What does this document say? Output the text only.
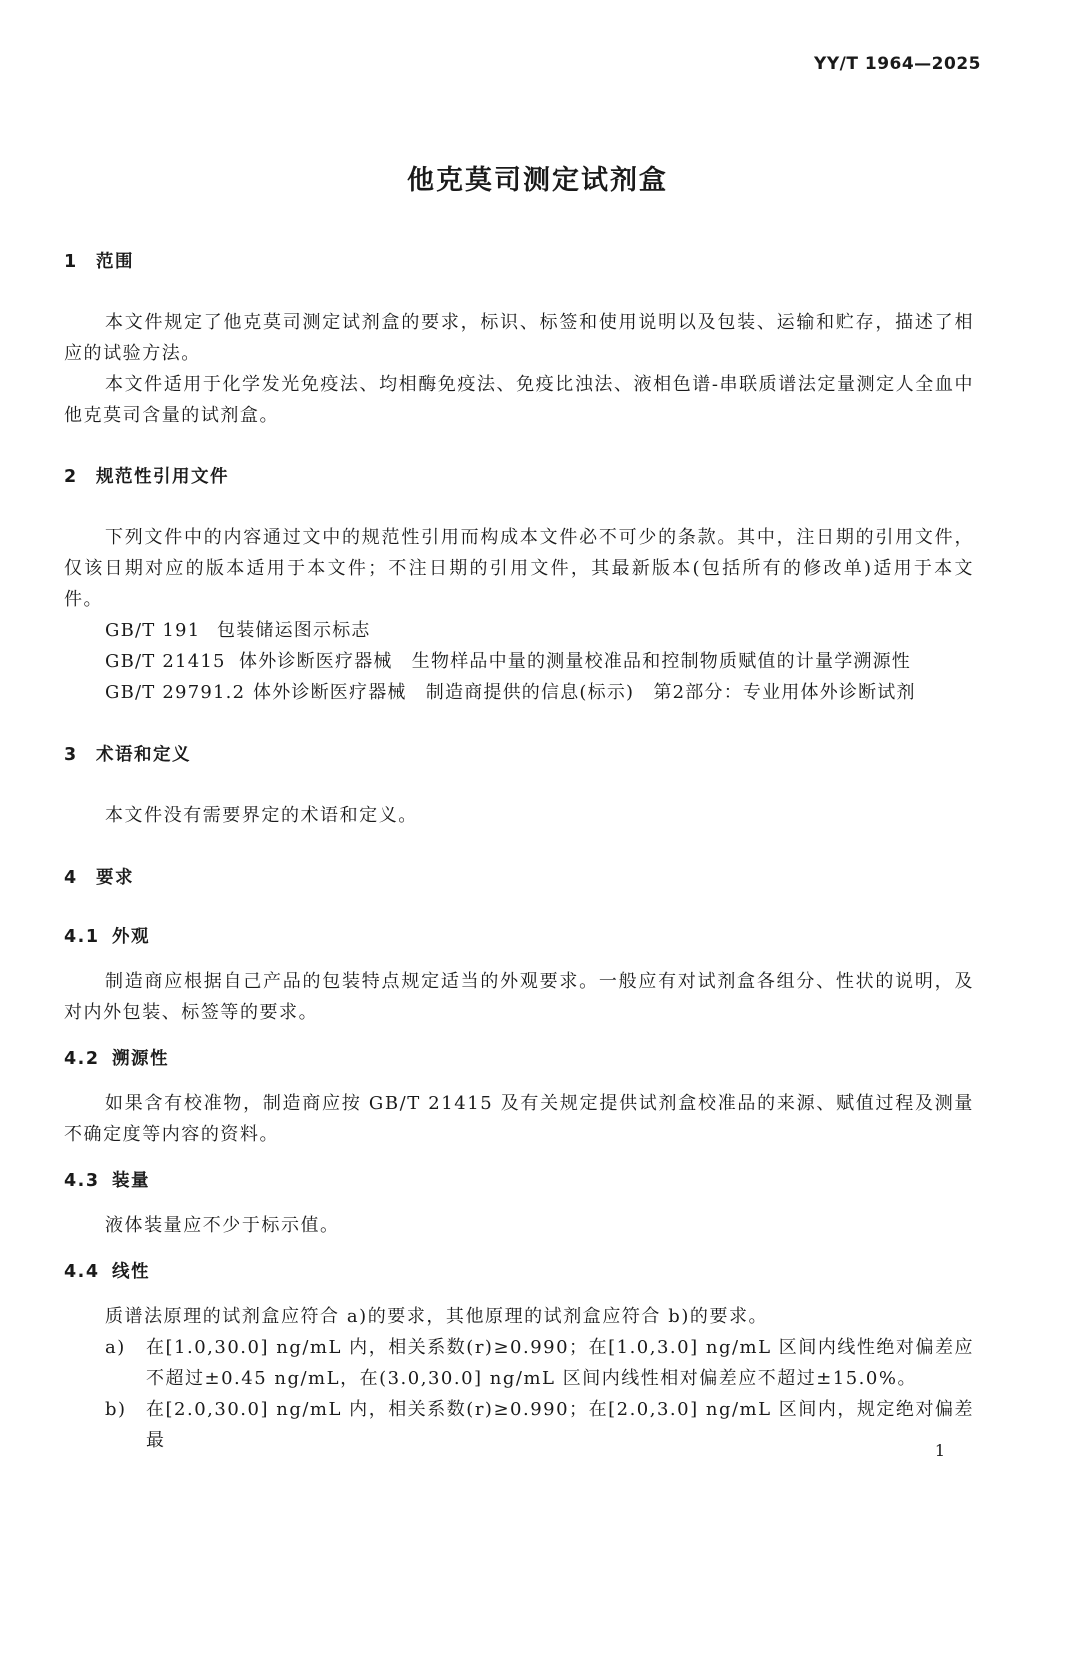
YY/T 1964—2025
他克莫司测定试剂盒
1 范围

本文件规定了他克莫司测定试剂盒的要求，标识、标签和使用说明以及包装、运输和贮存，描述了相应的试验方法。

本文件适用于化学发光免疫法、均相酶免疫法、免疫比浊法、液相色谱-串联质谱法定量测定人全血中他克莫司含量的试剂盒。

2 规范性引用文件

下列文件中的内容通过文中的规范性引用而构成本文件必不可少的条款。其中，注日期的引用文件，仅该日期对应的版本适用于本文件；不注日期的引用文件，其最新版本(包括所有的修改单)适用于本文件。

GB/T 191 包装储运图示标志
GB/T 21415 体外诊断医疗器械　生物样品中量的测量校准品和控制物质赋值的计量学溯源性
GB/T 29791.2 体外诊断医疗器械　制造商提供的信息(标示)　第2部分：专业用体外诊断试剂
3 术语和定义

本文件没有需要界定的术语和定义。

4 要求
4.1 外观

制造商应根据自己产品的包装特点规定适当的外观要求。一般应有对试剂盒各组分、性状的说明，及对内外包装、标签等的要求。

4.2 溯源性

如果含有校准物，制造商应按 GB/T 21415 及有关规定提供试剂盒校准品的来源、赋值过程及测量不确定度等内容的资料。

4.3 装量

液体装量应不少于标示值。

4.4 线性

质谱法原理的试剂盒应符合 a)的要求，其他原理的试剂盒应符合 b)的要求。

a) 在[1.0,30.0] ng/mL 内，相关系数(r)≥0.990；在[1.0,3.0] ng/mL 区间内线性绝对偏差应不超过±0.45 ng/mL，在(3.0,30.0] ng/mL 区间内线性相对偏差应不超过±15.0%。
b) 在[2.0,30.0] ng/mL 内，相关系数(r)≥0.990；在[2.0,3.0] ng/mL 区间内，规定绝对偏差最	1
